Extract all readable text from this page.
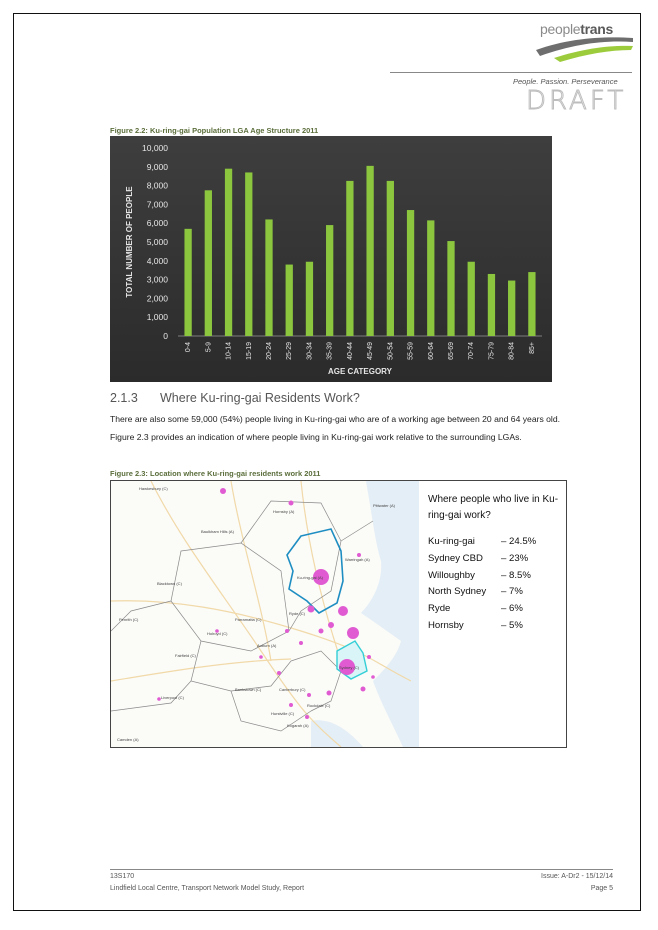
peopletrans
People. Passion. Perseverance
DRAFT
Figure 2.2: Ku-ring-gai Population LGA Age Structure 2011
0
1,000
2,000
3,000
4,000
5,000
6,000
7,000
8,000
9,000
10,000
0-4 5-9 10-14 15-19 20-24 25-29 30-34 35-39 40-44 45-49 50-54 55-59 60-64 65-69 70-74 75-79 80-84 85+
AGE CATEGORY
TOTAL NUMBER OF PEOPLE
2.1.3 Where Ku-ring-gai Residents Work?
There are also some 59,000 (54%) people living in Ku-ring-gai who are of a working age between 20 and 64 years old. Figure 2.3 provides an indication of where people living in Ku-ring-gai work relative to the surrounding LGAs.
Figure 2.3: Location where Ku-ring-gai residents work 2011
Hawkesbury (C)
Hornsby (A)
Pittwater (A)
Baulkham Hills (A)
Warringah (A)
Ku-ring-gai (A)
Blacktown (C)
Ryde (C)
Parramatta (C)
Penrith (C)
Holroyd (C)
Auburn (A)
Fairfield (C)
Bankstown (C)	Canterbury (C)
Sydney (C)
Liverpool (C)
Rockdale (C)
Hurstville (C)
Kogarah (A)
Camden (A)
Where people who live in Ku-ring-gai work?
Ku-ring-gai	– 24.5%
Sydney CBD	– 23%
Willoughby	– 8.5%
North Sydney	– 7%
Ryde	– 6%
Hornsby	– 5%
13S170
Lindfield Local Centre, Transport Network Model Study, Report
Issue: A-Dr2 - 15/12/14
Page 5
